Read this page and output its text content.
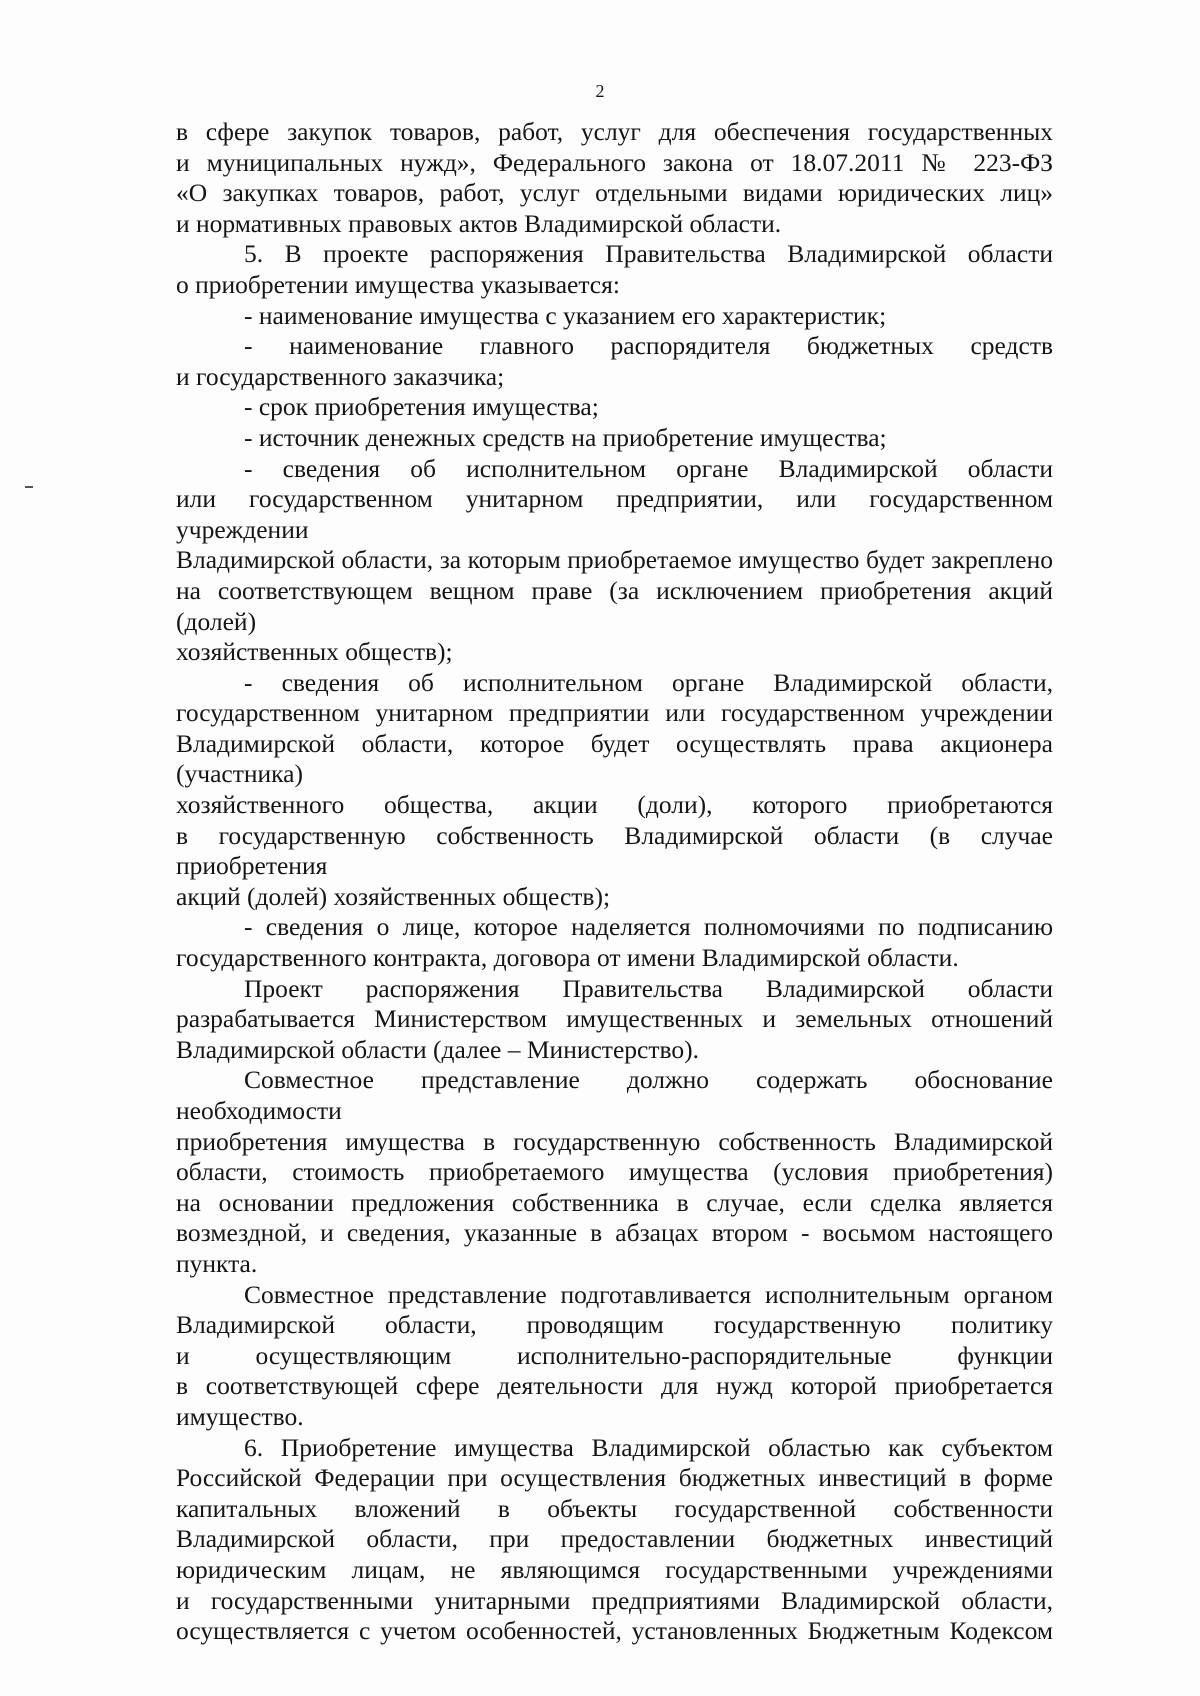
2

в сфере закупок товаров, работ, услуг для обеспечения государственных

и муниципальных нужд», Федерального закона от 18.07.2011 № 223-ФЗ

«О закупках товаров, работ, услуг отдельными видами юридических лиц»

и нормативных правовых актов Владимирской области.

5. В проекте распоряжения Правительства Владимирской области

о приобретении имущества указывается:

- наименование имущества с указанием его характеристик;

- наименование главного распорядителя бюджетных средств

и государственного заказчика;

- срок приобретения имущества;

- источник денежных средств на приобретение имущества;

- сведения об исполнительном органе Владимирской области

или государственном унитарном предприятии, или государственном учреждении

Владимирской области, за которым приобретаемое имущество будет закреплено

на соответствующем вещном праве (за исключением приобретения акций (долей)

хозяйственных обществ);

- сведения об исполнительном органе Владимирской области,

государственном унитарном предприятии или государственном учреждении

Владимирской области, которое будет осуществлять права акционера (участника)

хозяйственного общества, акции (доли), которого приобретаются

в государственную собственность Владимирской области (в случае приобретения

акций (долей) хозяйственных обществ);

- сведения о лице, которое наделяется полномочиями по подписанию

государственного контракта, договора от имени Владимирской области.

Проект распоряжения Правительства Владимирской области

разрабатывается Министерством имущественных и земельных отношений

Владимирской области (далее – Министерство).

Совместное представление должно содержать обоснование необходимости

приобретения имущества в государственную собственность Владимирской

области, стоимость приобретаемого имущества (условия приобретения)

на основании предложения собственника в случае, если сделка является

возмездной, и сведения, указанные в абзацах втором - восьмом настоящего

пункта.

Совместное представление подготавливается исполнительным органом

Владимирской области, проводящим государственную политику

и осуществляющим исполнительно-распорядительные функции

в соответствующей сфере деятельности для нужд которой приобретается

имущество.

6. Приобретение имущества Владимирской областью как субъектом

Российской Федерации при осуществления бюджетных инвестиций в форме

капитальных вложений в объекты государственной собственности

Владимирской области, при предоставлении бюджетных инвестиций

юридическим лицам, не являющимся государственными учреждениями

и государственными унитарными предприятиями Владимирской области,

осуществляется с учетом особенностей, установленных Бюджетным Кодексом
